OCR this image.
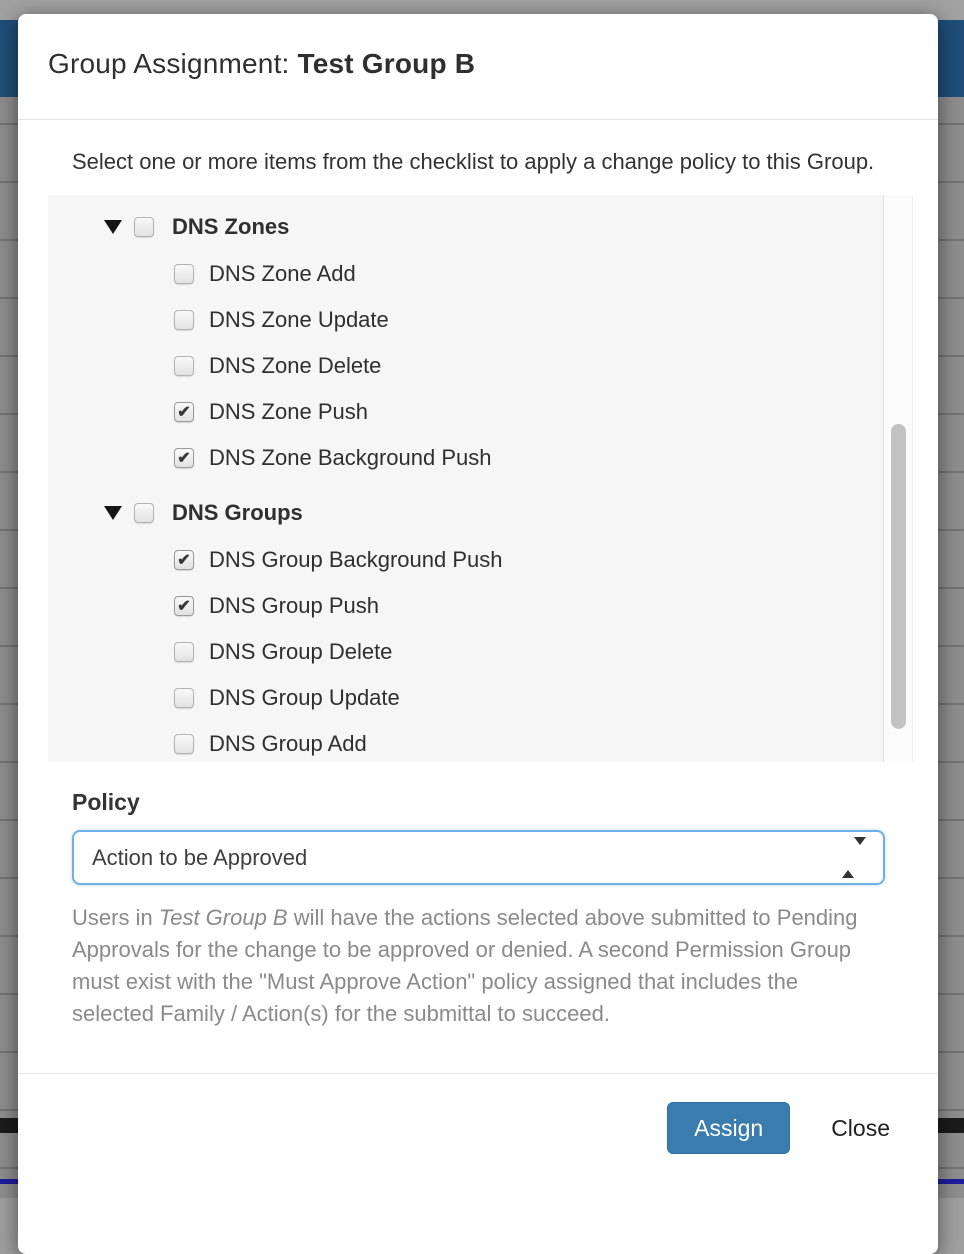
Group Assignment: Test Group B
Select one or more items from the checklist to apply a change policy to this Group.
DNS Zones
DNS Zone Add
DNS Zone Update
DNS Zone Delete
✔ DNS Zone Push
✔ DNS Zone Background Push
DNS Groups
✔ DNS Group Background Push
✔ DNS Group Push
DNS Group Delete
DNS Group Update
DNS Group Add
Policy
Action to be Approved
Users in Test Group B will have the actions selected above submitted to Pending Approvals for the change to be approved or denied. A second Permission Group must exist with the "Must Approve Action" policy assigned that includes the selected Family / Action(s) for the submittal to succeed.
Assign	Close
